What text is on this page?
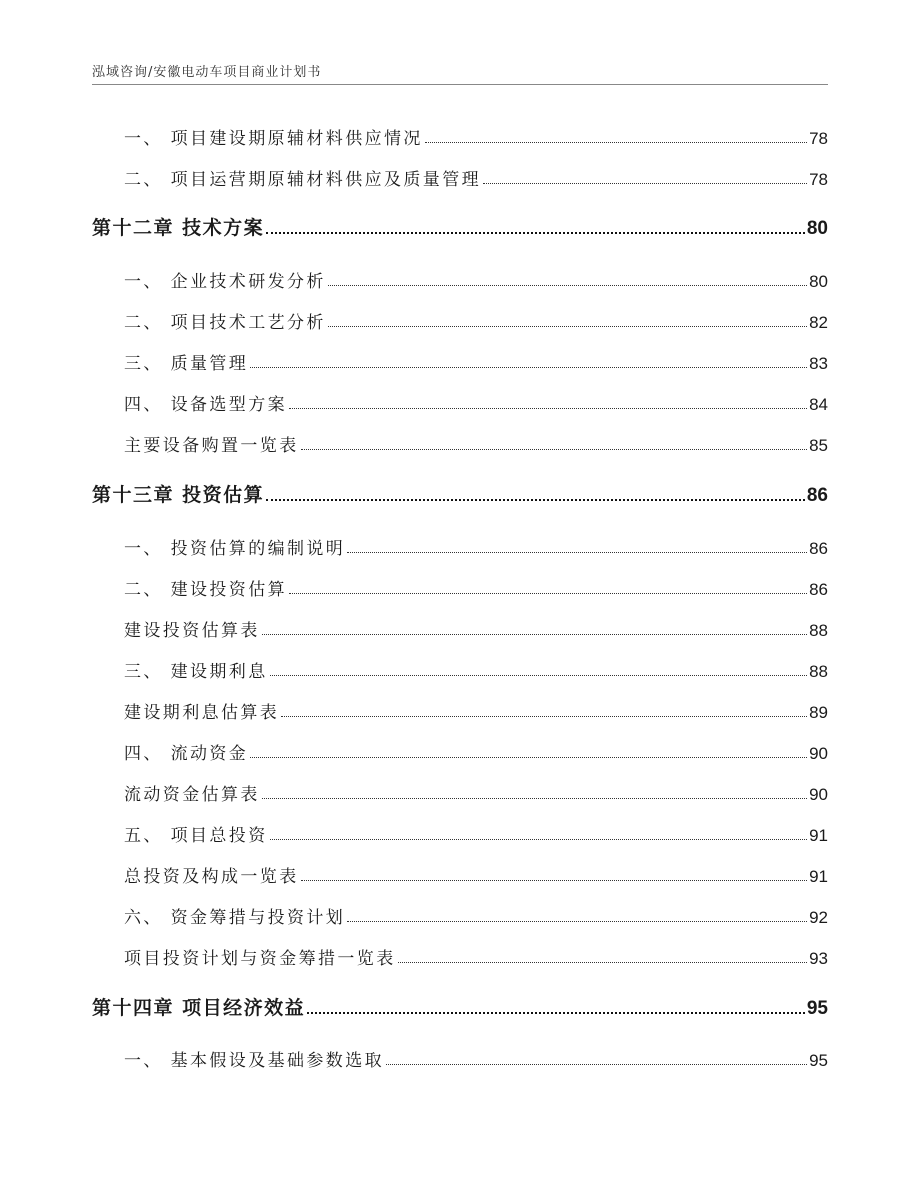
泓域咨询/安徽电动车项目商业计划书
一、 项目建设期原辅材料供应情况	78
二、 项目运营期原辅材料供应及质量管理	78
第十二章 技术方案	80
一、 企业技术研发分析	80
二、 项目技术工艺分析	82
三、 质量管理	83
四、 设备选型方案	84
主要设备购置一览表	85
第十三章 投资估算	86
一、 投资估算的编制说明	86
二、 建设投资估算	86
建设投资估算表	88
三、 建设期利息	88
建设期利息估算表	89
四、 流动资金	90
流动资金估算表	90
五、 项目总投资	91
总投资及构成一览表	91
六、 资金筹措与投资计划	92
项目投资计划与资金筹措一览表	93
第十四章 项目经济效益	95
一、 基本假设及基础参数选取	95
